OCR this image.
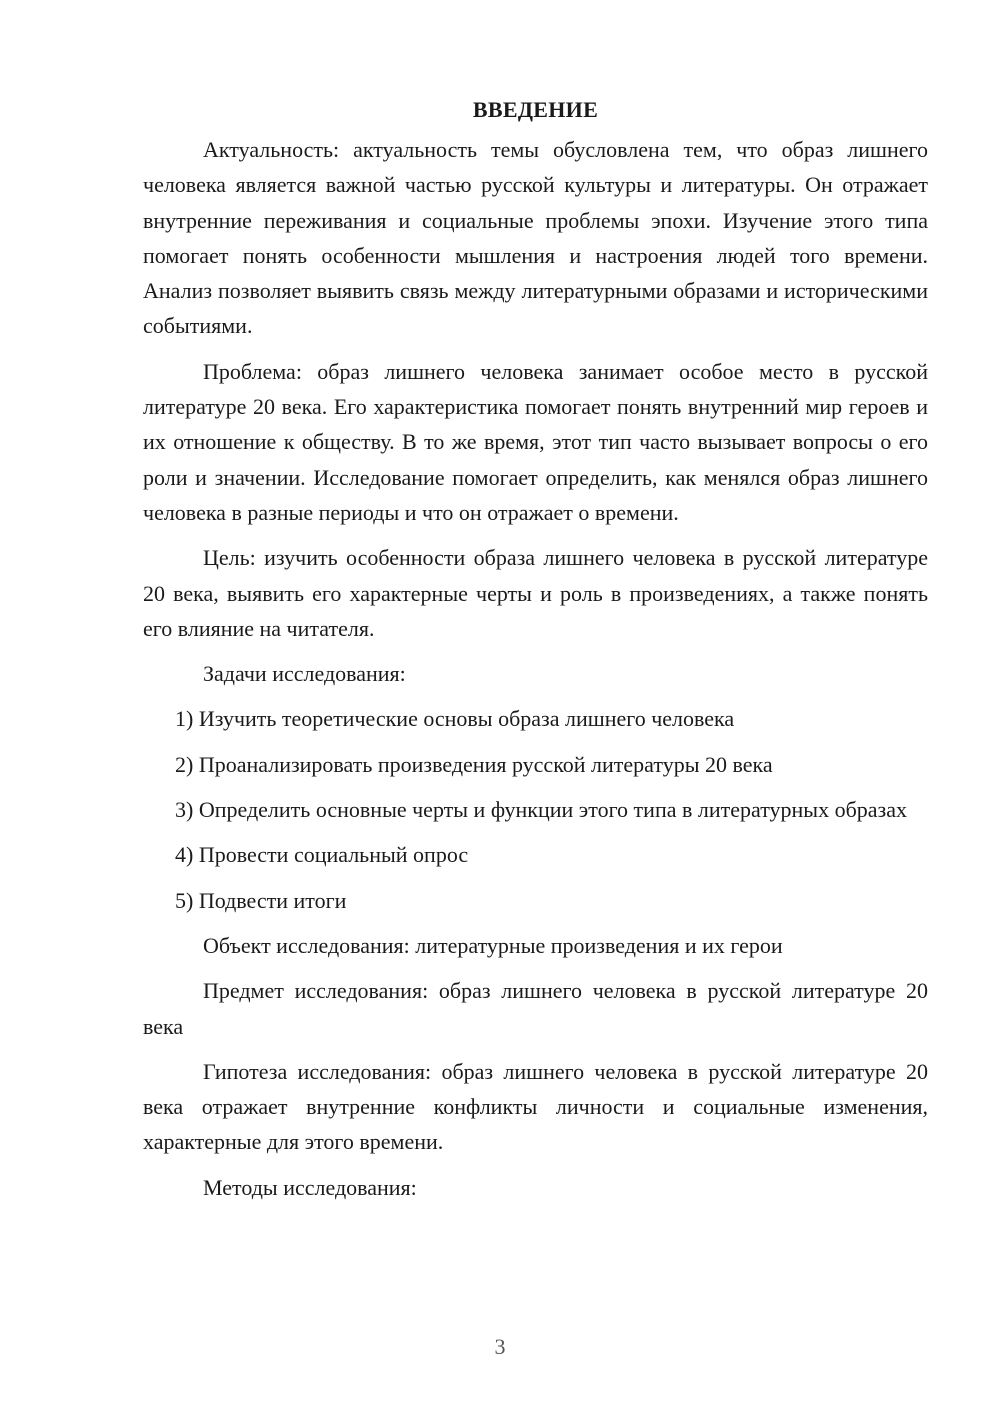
ВВЕДЕНИЕ

Актуальность: актуальность темы обусловлена тем, что образ лишнего человека является важной частью русской культуры и литературы. Он отражает внутренние переживания и социальные проблемы эпохи. Изучение этого типа помогает понять особенности мышления и настроения людей того времени. Анализ позволяет выявить связь между литературными образами и историческими событиями.

Проблема: образ лишнего человека занимает особое место в русской литературе 20 века. Его характеристика помогает понять внутренний мир героев и их отношение к обществу. В то же время, этот тип часто вызывает вопросы о его роли и значении. Исследование помогает определить, как менялся образ лишнего человека в разные периоды и что он отражает о времени.

Цель: изучить особенности образа лишнего человека в русской литературе 20 века, выявить его характерные черты и роль в произведениях, а также понять его влияние на читателя.

Задачи исследования:

1) Изучить теоретические основы образа лишнего человека

2) Проанализировать произведения русской литературы 20 века

3) Определить основные черты и функции этого типа в литературных образах

4) Провести социальный опрос

5) Подвести итоги

Объект исследования: литературные произведения и их герои

Предмет исследования: образ лишнего человека в русской литературе 20 века

Гипотеза исследования: образ лишнего человека в русской литературе 20 века отражает внутренние конфликты личности и социальные изменения, характерные для этого времени.

Методы исследования:

3
